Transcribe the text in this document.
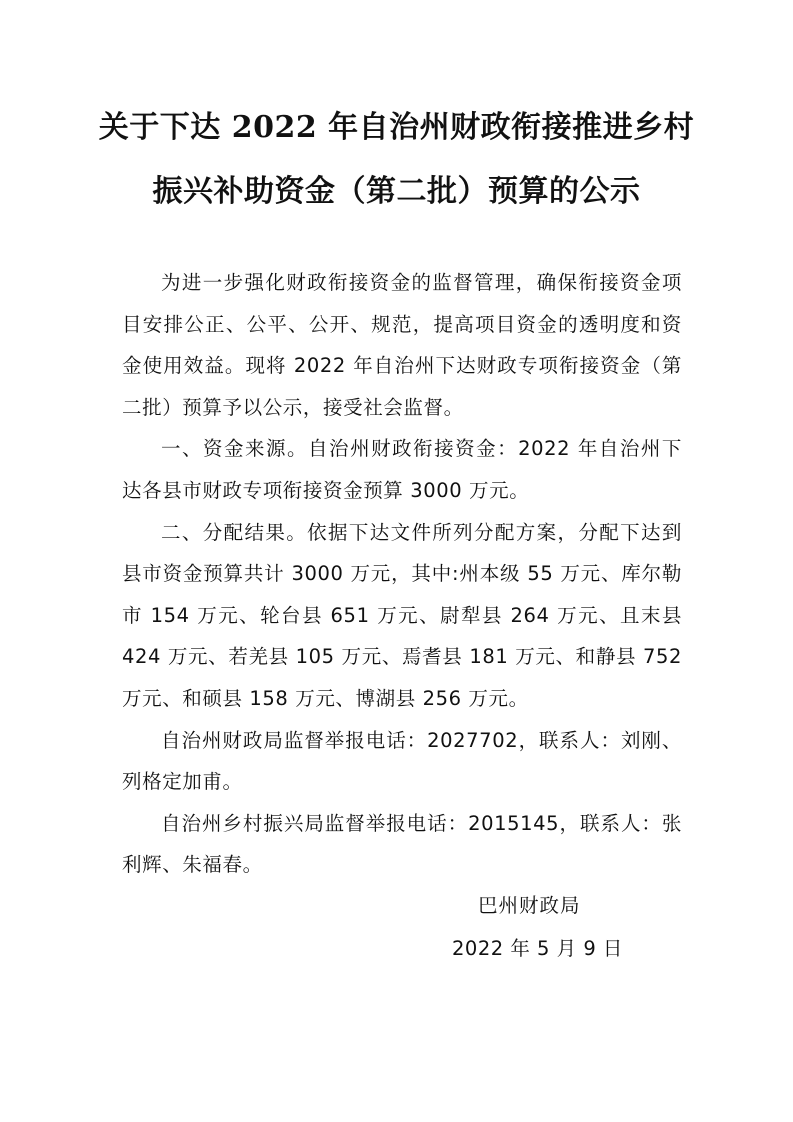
关于下达 2022 年自治州财政衔接推进乡村
振兴补助资金（第二批）预算的公示

为进一步强化财政衔接资金的监督管理，确保衔接资金项目安排公正、公平、公开、规范，提高项目资金的透明度和资金使用效益。现将 2022 年自治州下达财政专项衔接资金（第二批）预算予以公示，接受社会监督。

一、资金来源。自治州财政衔接资金：2022 年自治州下达各县市财政专项衔接资金预算 3000 万元。

二、分配结果。依据下达文件所列分配方案，分配下达到县市资金预算共计 3000 万元，其中:州本级 55 万元、库尔勒市 154 万元、轮台县 651 万元、尉犁县 264 万元、且末县 424 万元、若羌县 105 万元、焉耆县 181 万元、和静县 752 万元、和硕县 158 万元、博湖县 256 万元。

自治州财政局监督举报电话：2027702，联系人：刘刚、列格定加甫。

自治州乡村振兴局监督举报电话：2015145，联系人：张利辉、朱福春。

巴州财政局
2022 年 5 月 9 日
